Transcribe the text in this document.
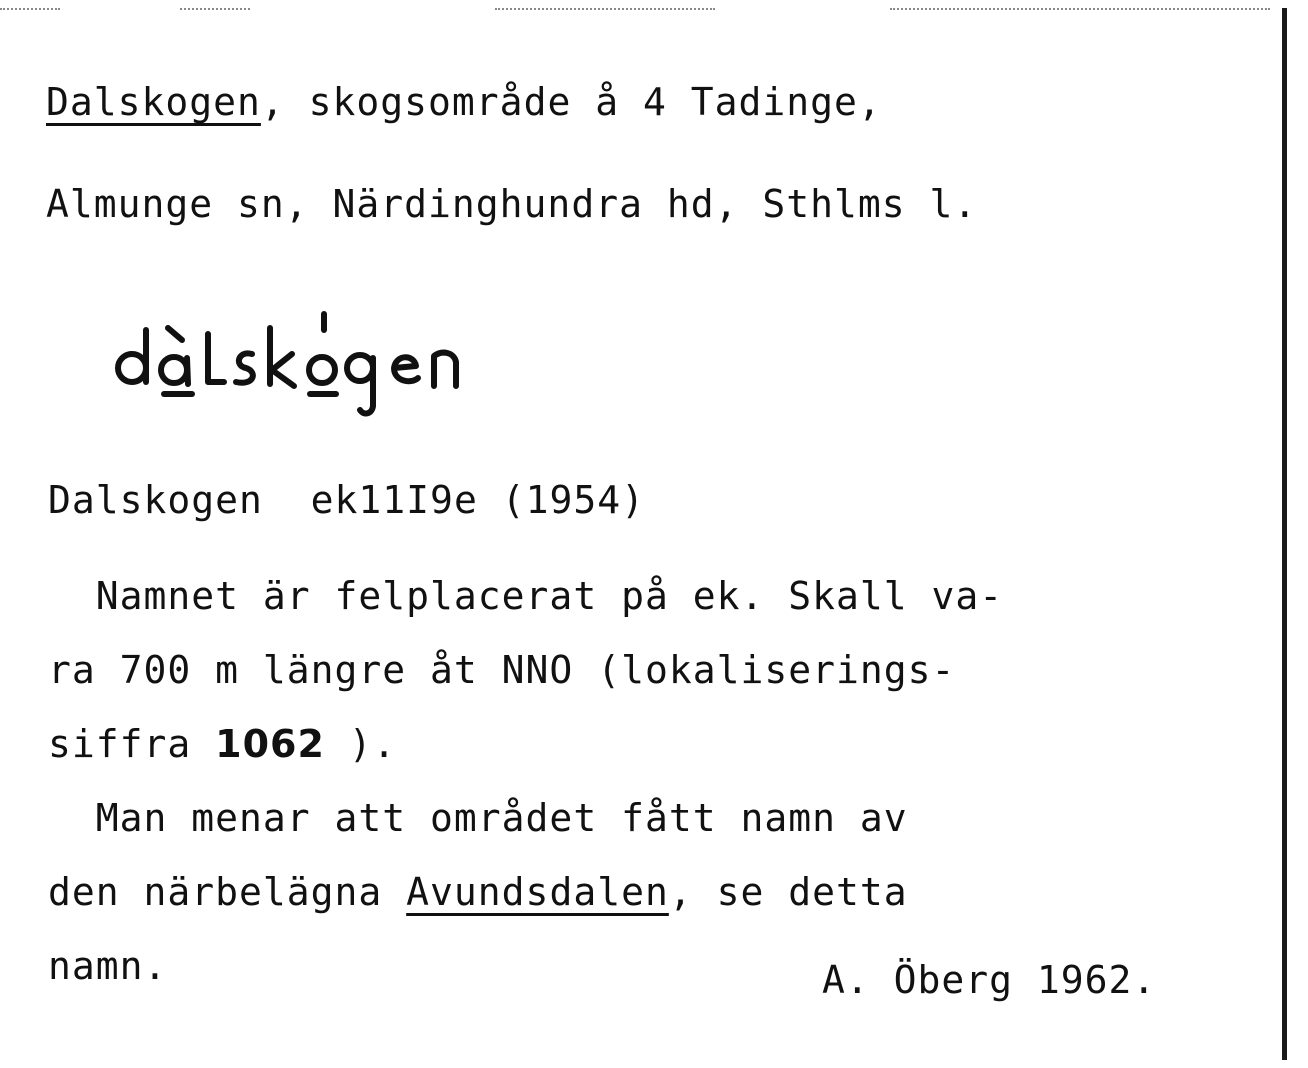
Dalskogen, skogsområde å 4 Tadinge,
Almunge sn, Närdinghundra hd, Sthlms l.
Dalskogen ek11I9e (1954)
Namnet är felplacerat på ek. Skall va-
ra 700 m längre åt NNO (lokaliserings-
siffra 1062 ).
Man menar att området fått namn av
den närbelägna Avundsdalen, se detta
namn.	A. Öberg 1962.
